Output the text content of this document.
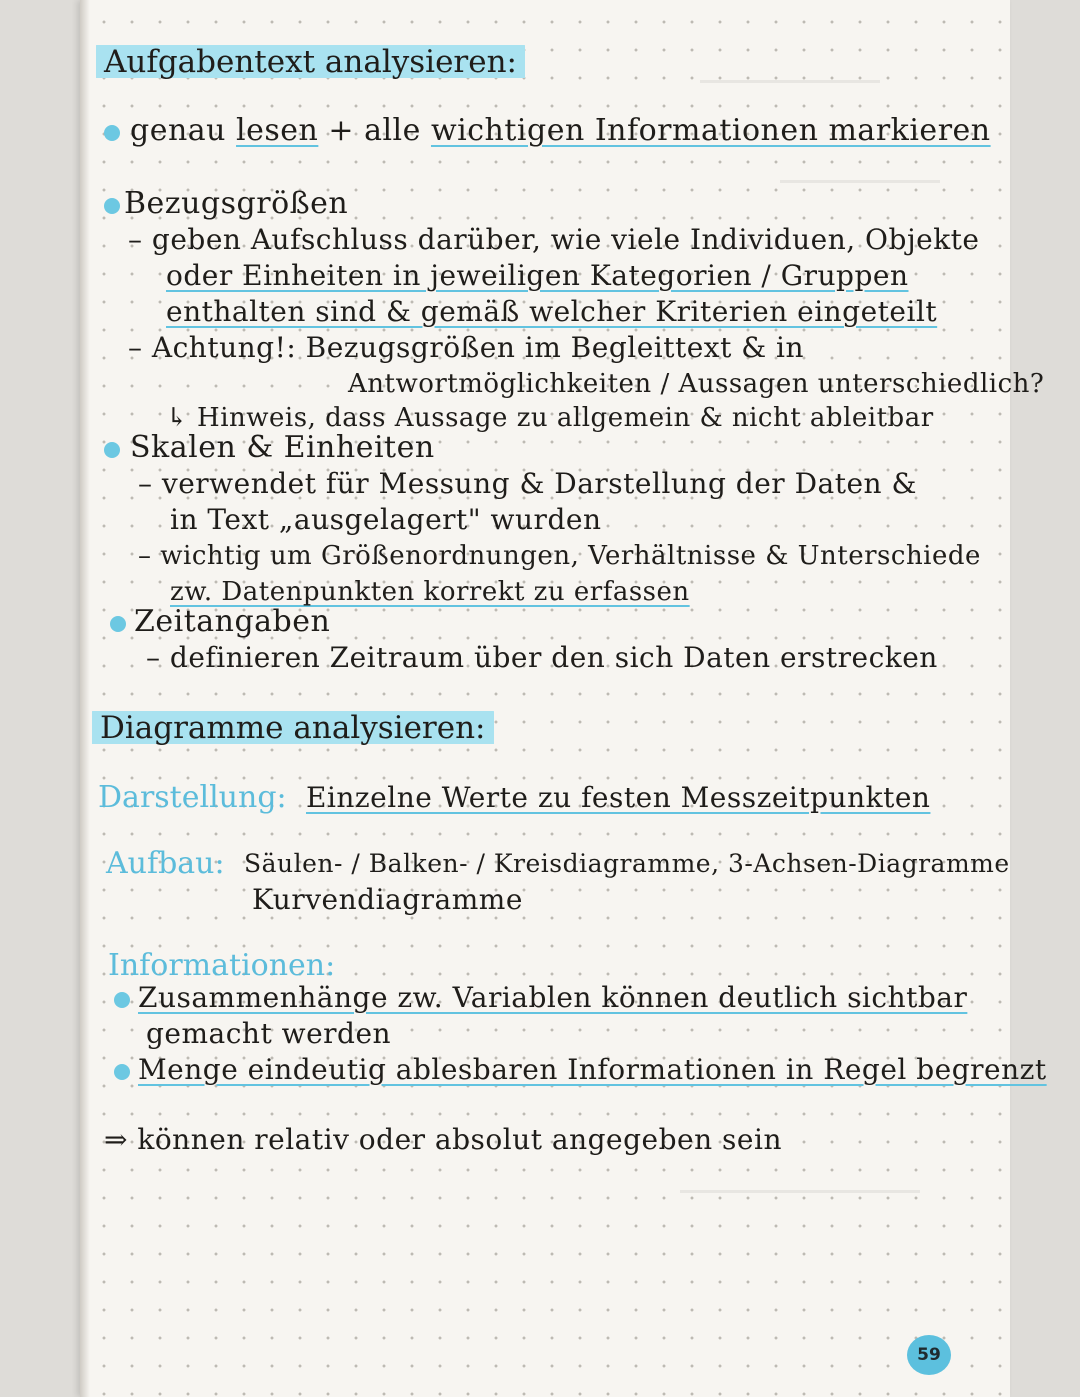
Aufgabentext analysieren:
genau lesen + alle wichtigen Informationen markieren
Bezugsgrößen
– geben Aufschluss darüber, wie viele Individuen, Objekte
oder Einheiten in jeweiligen Kategorien / Gruppen
enthalten sind & gemäß welcher Kriterien eingeteilt
– Achtung!: Bezugsgrößen im Begleittext & in
Antwortmöglichkeiten / Aussagen unterschiedlich?
↳ Hinweis, dass Aussage zu allgemein & nicht ableitbar
Skalen & Einheiten
– verwendet für Messung & Darstellung der Daten &
in Text „ausgelagert" wurden
– wichtig um Größenordnungen, Verhältnisse & Unterschiede
zw. Datenpunkten korrekt zu erfassen
Zeitangaben
– definieren Zeitraum über den sich Daten erstrecken
Diagramme analysieren:
Darstellung: Einzelne Werte zu festen Messzeitpunkten
Aufbau: Säulen- / Balken- / Kreisdiagramme, 3-Achsen-Diagramme
Kurvendiagramme
Informationen:
Zusammenhänge zw. Variablen können deutlich sichtbar
gemacht werden
Menge eindeutig ablesbaren Informationen in Regel begrenzt
⇒ können relativ oder absolut angegeben sein
59
